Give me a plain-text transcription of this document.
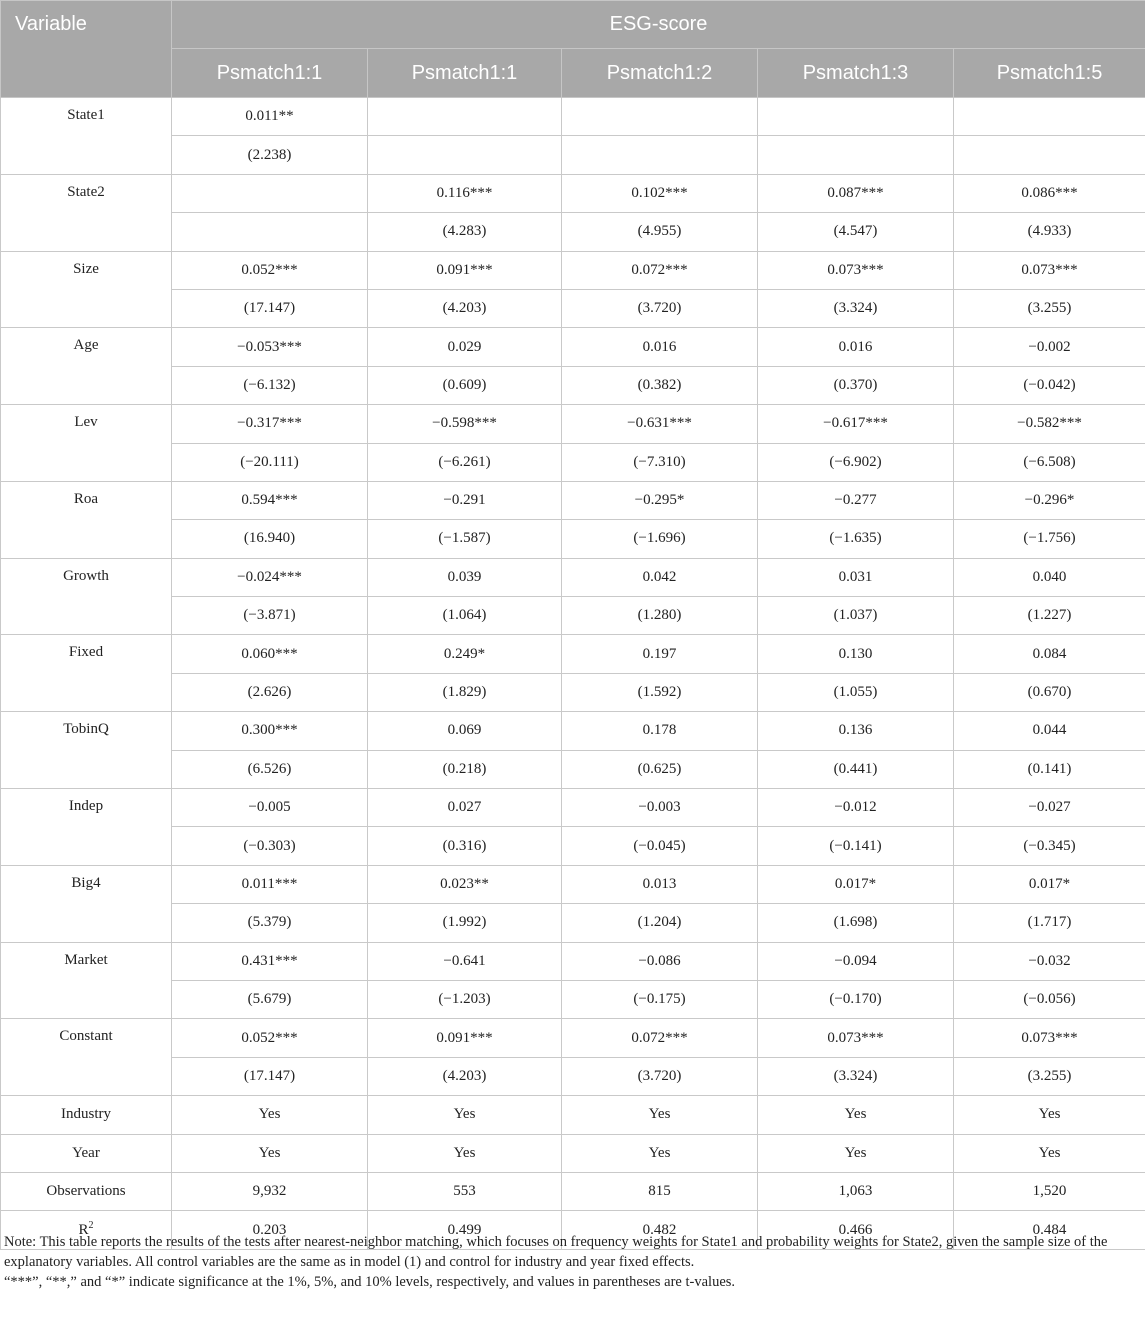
Variable	ESG-score				
	Psmatch1:1	Psmatch1:1	Psmatch1:2	Psmatch1:3	Psmatch1:5
State1	0.011**				
	(2.238)				
State2		0.116***	0.102***	0.087***	0.086***
		(4.283)	(4.955)	(4.547)	(4.933)
Size	0.052***	0.091***	0.072***	0.073***	0.073***
	(17.147)	(4.203)	(3.720)	(3.324)	(3.255)
Age	−0.053***	0.029	0.016	0.016	−0.002
	(−6.132)	(0.609)	(0.382)	(0.370)	(−0.042)
Lev	−0.317***	−0.598***	−0.631***	−0.617***	−0.582***
	(−20.111)	(−6.261)	(−7.310)	(−6.902)	(−6.508)
Roa	0.594***	−0.291	−0.295*	−0.277	−0.296*
	(16.940)	(−1.587)	(−1.696)	(−1.635)	(−1.756)
Growth	−0.024***	0.039	0.042	0.031	0.040
	(−3.871)	(1.064)	(1.280)	(1.037)	(1.227)
Fixed	0.060***	0.249*	0.197	0.130	0.084
	(2.626)	(1.829)	(1.592)	(1.055)	(0.670)
TobinQ	0.300***	0.069	0.178	0.136	0.044
	(6.526)	(0.218)	(0.625)	(0.441)	(0.141)
Indep	−0.005	0.027	−0.003	−0.012	−0.027
	(−0.303)	(0.316)	(−0.045)	(−0.141)	(−0.345)
Big4	0.011***	0.023**	0.013	0.017*	0.017*
	(5.379)	(1.992)	(1.204)	(1.698)	(1.717)
Market	0.431***	−0.641	−0.086	−0.094	−0.032
	(5.679)	(−1.203)	(−0.175)	(−0.170)	(−0.056)
Constant	0.052***	0.091***	0.072***	0.073***	0.073***
	(17.147)	(4.203)	(3.720)	(3.324)	(3.255)
Industry	Yes	Yes	Yes	Yes	Yes
Year	Yes	Yes	Yes	Yes	Yes
Observations	9,932	553	815	1,063	1,520
$R^2$	0.203	0.499	0.482	0.466	0.484

Note: This table reports the results of the tests after nearest-neighbor matching, which focuses on frequency weights for State1 and probability weights for State2, given the sample size of the explanatory variables. All control variables are the same as in model (1) and control for industry and year fixed effects.

“***”, “**,” and “*” indicate significance at the 1%, 5%, and 10% levels, respectively, and values in parentheses are t-values.
